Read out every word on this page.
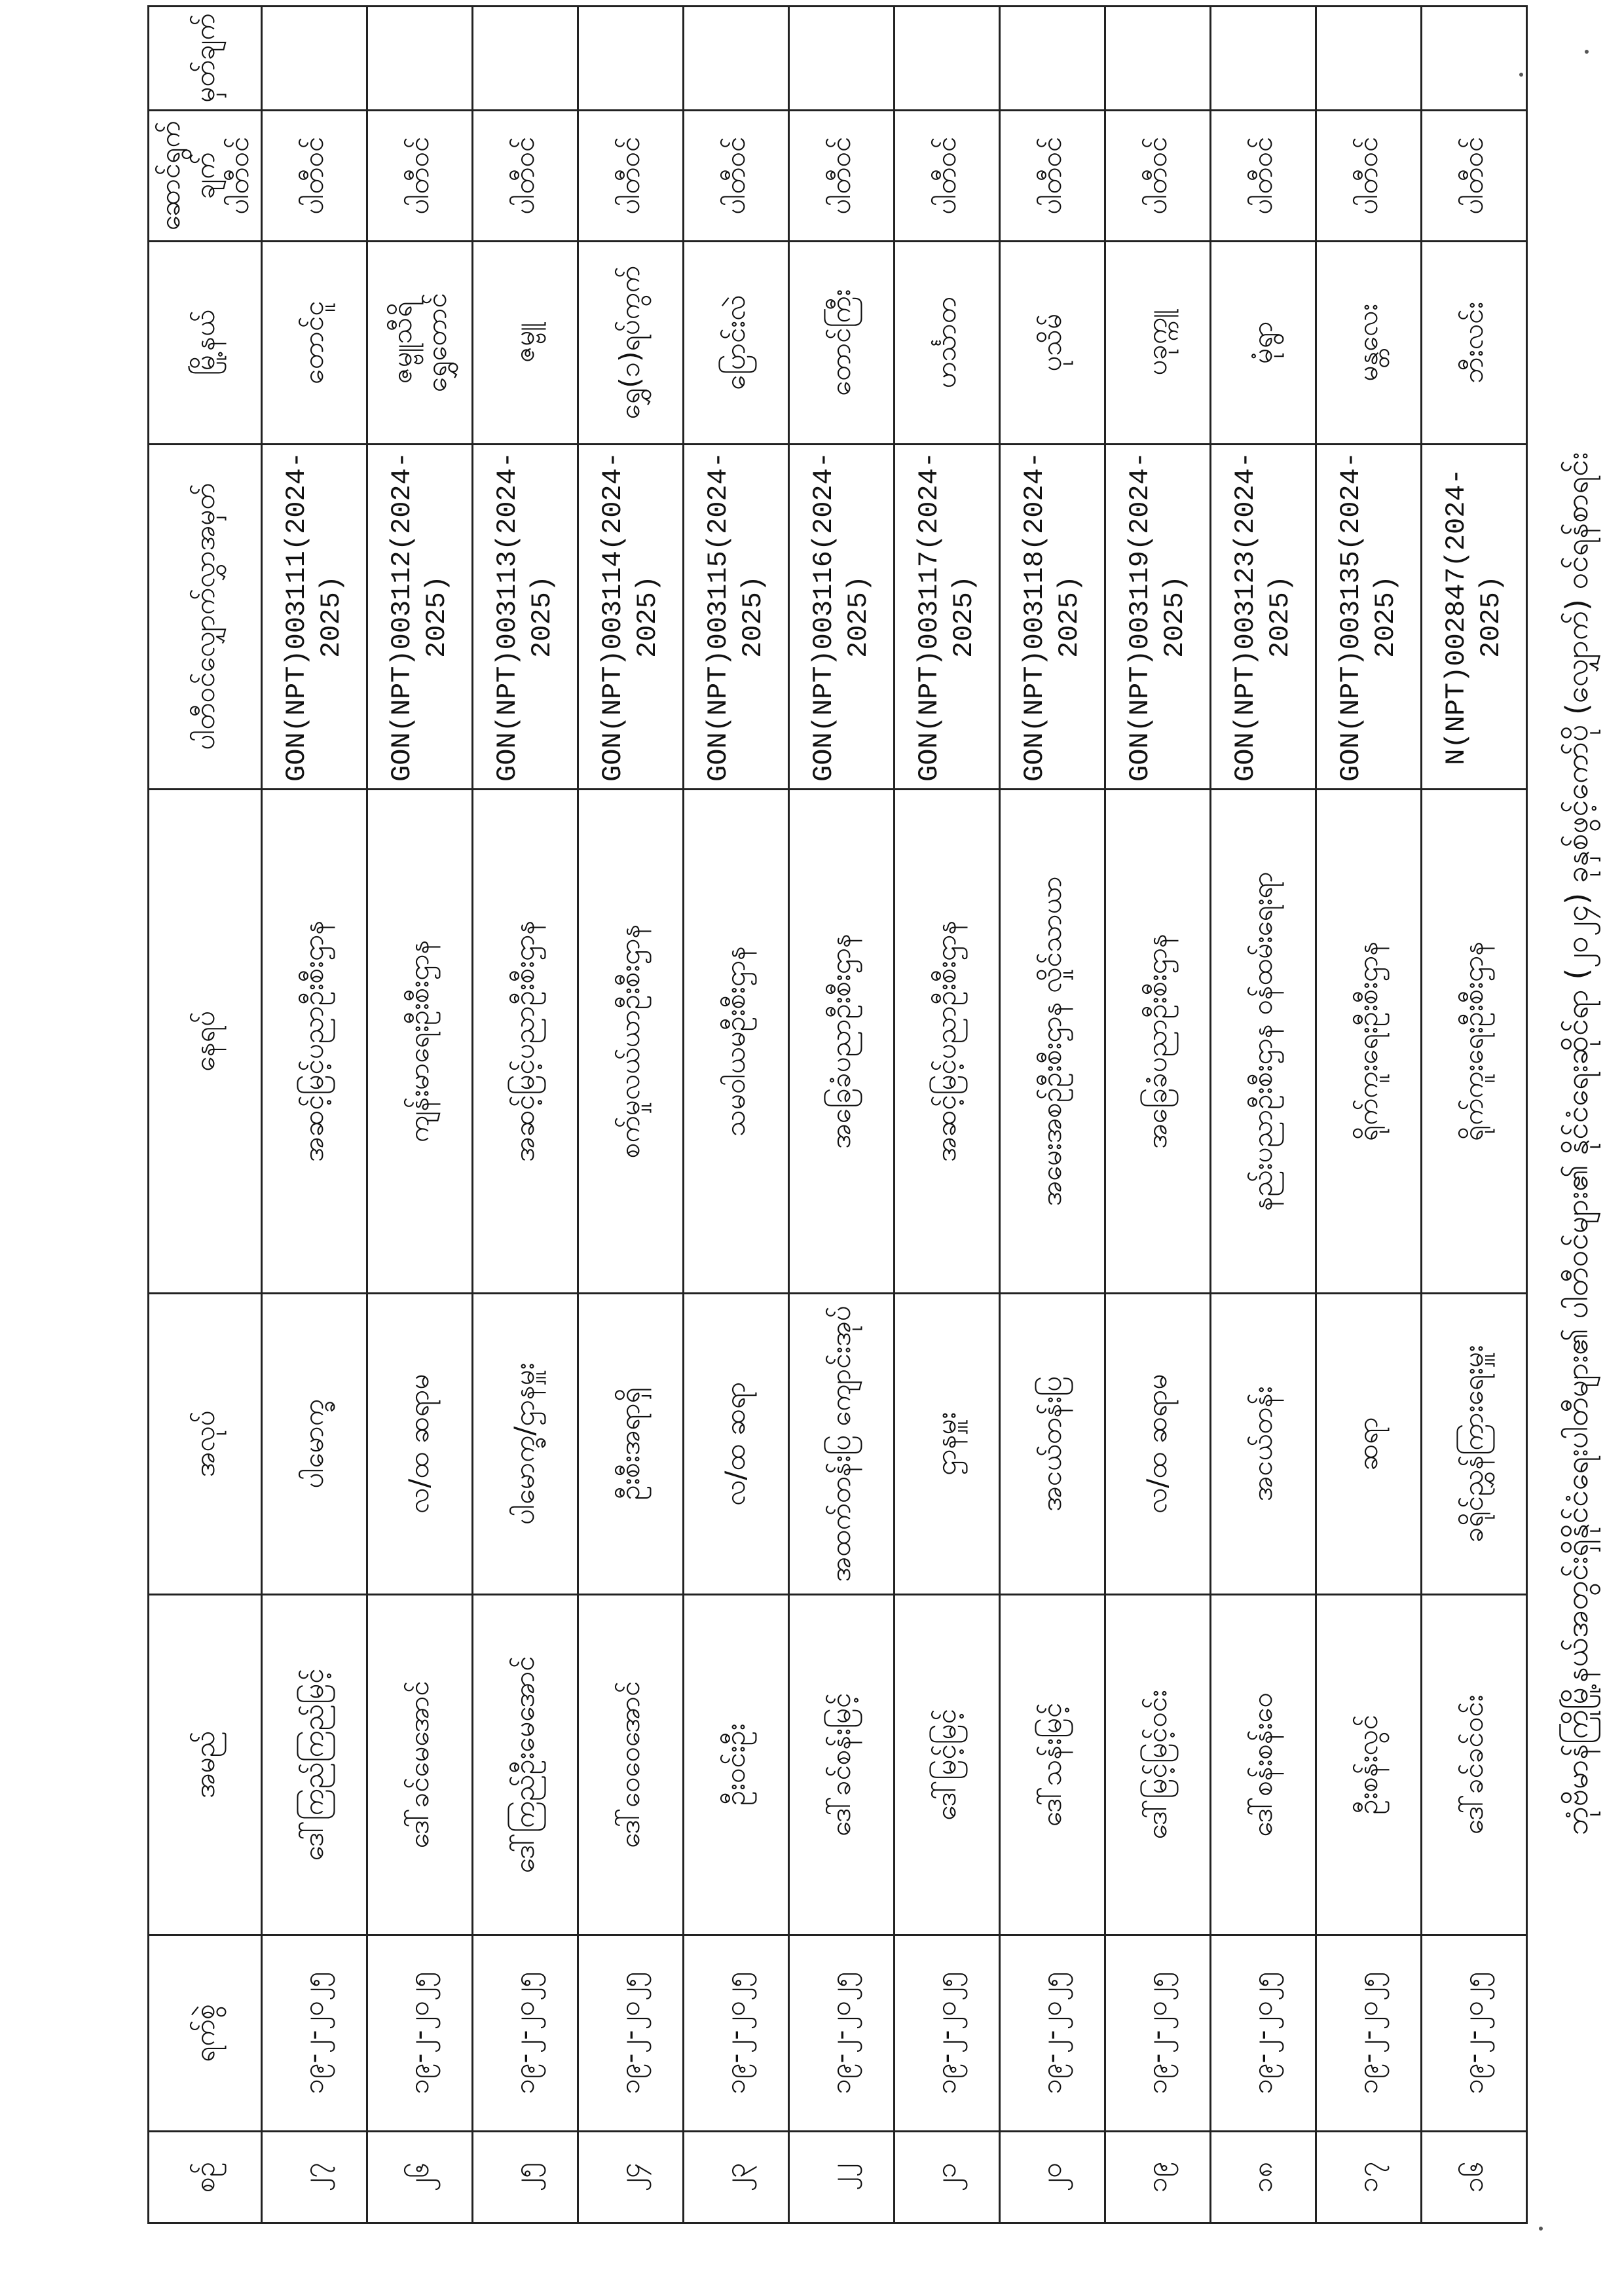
ဘုံဗိမာန်ကြိုမြို့နယ်အတွင်းရှိနိုင်ငံရေးပါတီများ၏ ပါတီဝင်များ၏ နိုင်ငံရေးဆိုင်ရာ (၂၀၂၄) ခုနှစ်ဖွင့်ကော်ပို (လျှောက်) ဝင်ရန်စာရင်း
စဉ်	ရက်စွဲ	အမည်	အလုပ်	နေရပ်	ပါတီဝင်လျှောက်လွှာအမှတ်	မြို့နယ်	ဆောင်ရွက်ချက် ပါတီဝင်	မှတ်ချက်
၂၇	၁၉-၂-၂၀၂၅	ဒေါ်ကြည်ကြည်မြင့်	ပါမောက္ခ	အဆင့်မြင့်ပညာဦးစီးဌာန	GON(NPT)003111(2024-2025)	တောင်ငူ	ပါတီဝင်	
၂၆	၁၉-၂-၂၀၂၅	ဒေါ်ခင်မေအောင်	လ/ထ ဆရာမ	ကျန်းမာရေးဦးစီးဌာန	GON(NPT)003112(2024-2025)	ဇမ္ဗူသီရိ ရွှေတောင်	ပါတီဝင်	
၂၅	၁၉-၂-၂၀၂၅	ဒေါ်ကြည်ဦးမေအောင်	ပါမောက္ခ/ဌာနမှူး	အဆင့်မြင့်ပညာဦးစီးဌာန	GON(NPT)003113(2024-2025)	ဇမ္ဗူ	ပါတီဝင်	
၂၄	၁၉-၂-၂၀၂၅	ဒေါ်ဝေဝေအောင်	ဦးစီးအရာရှိ	စက်မှုလယ်ယာဦးစီးဌာန	GON(NPT)003114(2024-2025)	ရွှေ(၁)ရပ်ကွက်	ပါတီဝင်	
၂၃	၁၉-၂-၂၀၂၅	ဦးဝင်းဦး	လ/ထ ဆရာ	သမဝါယမဦးစီးဌာန	GON(NPT)003115(2024-2025)	ပြောင်းလဲ	ပါတီဝင်	
၂၂	၁၉-၂-၂၀၂၅	ဒေါ်ခင်စန်းမြင့်	အထက်တန်းပြ ကျောင်းအုပ်	အခြေခံပညာဦးစီးဌာန	GON(NPT)003116(2024-2025)	တောင်ကြီး	ပါတီဝင်	
၂၁	၁၉-၂-၂၀၂၅	ဒေါ်မြင့်မြင့်	ဌာနမှူး	အဆင့်မြင့်ပညာဦးစီးဌာန	GON(NPT)003117(2024-2025)	ဟင်္သာတ	ပါတီဝင်	
၂၀	၁၉-၂-၂၀၂၅	ဒေါ်သန်းမြင့်	အငယ်တန်းပြ	အမေးအစဉ်ဦးစီးဌာန လှိုင်သာယာ	GON(NPT)003118(2024-2025)	ပုသိမ်	ပါတီဝင်	
၁၉	၁၉-၂-၂၀၂၅	ဒေါ်မြင့်မြင့်ဝင်း	လ/ထ ဆရာမ	အခြေခံပညာဦးစီးဌာန	GON(NPT)003119(2024-2025)	ပခုက္ကူ	ပါတီဝင်	
၁၈	၁၉-၂-၂၀၂၅	ဒေါ်စန်းစန်းဝေ	အငယ်တန်း	နည်းပညာဦးစီးဌာန ဝန်ထမ်းရေးရာ	GON(NPT)003123(2024-2025)	မုံရွာ	ပါတီဝင်	
၁၇	၁၉-၂-၂၀၂၅	ဦးစန်းလွင်	ဆရာ	ရိုက်ကူးရေးဦးစီးဌာန	GON(NPT)003135(2024-2025)	မန္တလေး	ပါတီဝင်	
၁၆	၁၉-၂-၂၀၂၅	ဒေါ်ခင်ခင်ဝင်း	ခရိုင်ညွှန်ကြားရေးမှူး	ရိုက်ကူးရေးဦးစီးဌာန	N(NPT)002847(2024-2025)	ဘီးလင်း	ပါတီဝင်	
